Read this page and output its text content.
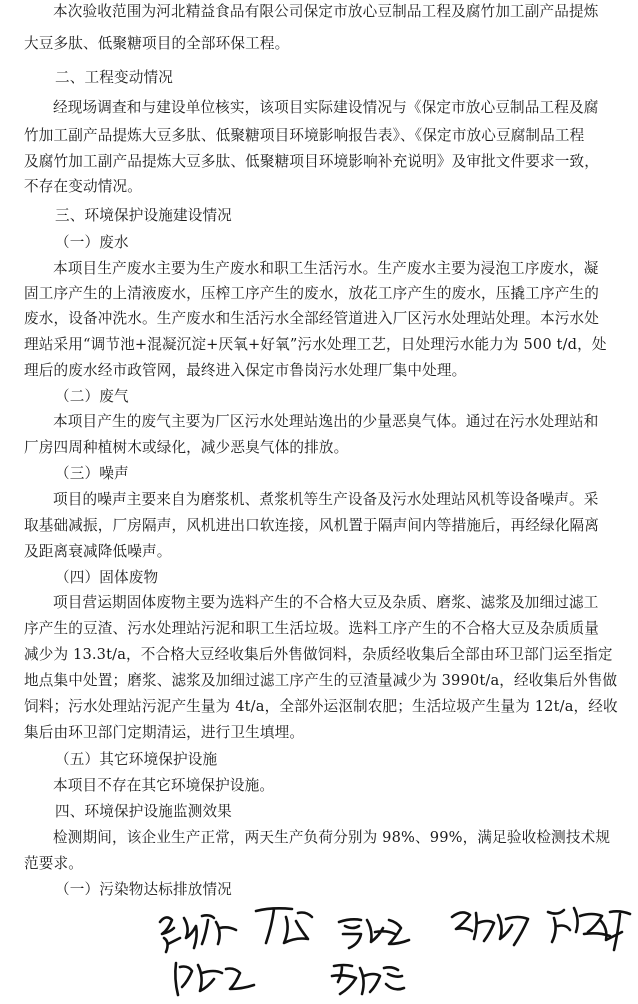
本次验收范围为河北精益食品有限公司保定市放心豆制品工程及腐竹加工副产品提炼

大豆多肽、低聚糖项目的全部环保工程。

二、工程变动情况

经现场调查和与建设单位核实，该项目实际建设情况与《保定市放心豆制品工程及腐

竹加工副产品提炼大豆多肽、低聚糖项目环境影响报告表》、《保定市放心豆腐制品工程

及腐竹加工副产品提炼大豆多肽、低聚糖项目环境影响补充说明》及审批文件要求一致，

不存在变动情况。

三、环境保护设施建设情况

（一）废水

本项目生产废水主要为生产废水和职工生活污水。生产废水主要为浸泡工序废水，凝

固工序产生的上清液废水，压榨工序产生的废水，放花工序产生的废水，压撬工序产生的

废水，设备冲洗水。生产废水和生活污水全部经管道进入厂区污水处理站处理。本污水处

理站采用“调节池+混凝沉淀+厌氧+好氧”污水处理工艺，日处理污水能力为 500 t/d，处

理后的废水经市政管网，最终进入保定市鲁岗污水处理厂集中处理。

（二）废气

本项目产生的废气主要为厂区污水处理站逸出的少量恶臭气体。通过在污水处理站和

厂房四周种植树木或绿化，减少恶臭气体的排放。

（三）噪声

项目的噪声主要来自为磨浆机、煮浆机等生产设备及污水处理站风机等设备噪声。采

取基础减振，厂房隔声，风机进出口软连接，风机置于隔声间内等措施后，再经绿化隔离

及距离衰减降低噪声。

（四）固体废物

项目营运期固体废物主要为选料产生的不合格大豆及杂质、磨浆、滤浆及加细过滤工

序产生的豆渣、污水处理站污泥和职工生活垃圾。选料工序产生的不合格大豆及杂质质量

减少为 13.3t/a，不合格大豆经收集后外售做饲料，杂质经收集后全部由环卫部门运至指定

地点集中处置；磨浆、滤浆及加细过滤工序产生的豆渣量减少为 3990t/a，经收集后外售做

饲料；污水处理站污泥产生量为 4t/a，全部外运沤制农肥；生活垃圾产生量为 12t/a，经收

集后由环卫部门定期清运，进行卫生填埋。

（五）其它环境保护设施

本项目不存在其它环境保护设施。

四、环境保护设施监测效果

检测期间，该企业生产正常，两天生产负荷分别为 98%、99%，满足验收检测技术规

范要求。

（一）污染物达标排放情况
